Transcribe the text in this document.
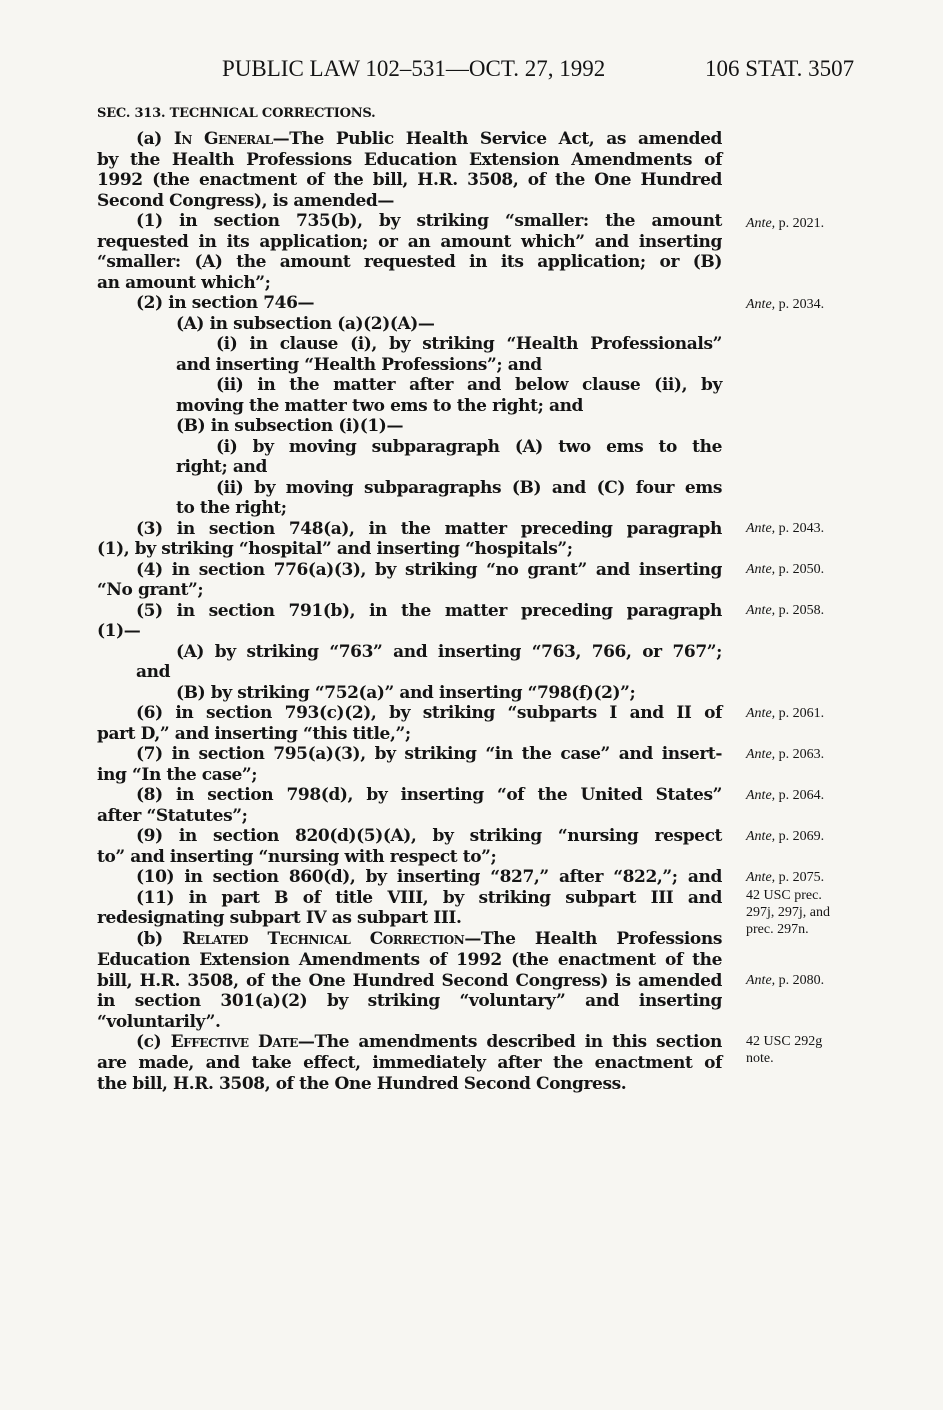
PUBLIC LAW 102–531—OCT. 27, 1992	106 STAT. 3507
SEC. 313. TECHNICAL CORRECTIONS.
(a) In General—The Public Health Service Act, as amended
by the Health Professions Education Extension Amendments of
1992 (the enactment of the bill, H.R. 3508, of the One Hundred
Second Congress), is amended—
(1) in section 735(b), by striking “smaller: the amount
requested in its application; or an amount which” and inserting
“smaller: (A) the amount requested in its application; or (B)
an amount which”;
(2) in section 746—
(A) in subsection (a)(2)(A)—
(i) in clause (i), by striking “Health Professionals”
and inserting “Health Professions”; and
(ii) in the matter after and below clause (ii), by
moving the matter two ems to the right; and
(B) in subsection (i)(1)—
(i) by moving subparagraph (A) two ems to the
right; and
(ii) by moving subparagraphs (B) and (C) four ems
to the right;
(3) in section 748(a), in the matter preceding paragraph
(1), by striking “hospital” and inserting “hospitals”;
(4) in section 776(a)(3), by striking “no grant” and inserting
“No grant”;
(5) in section 791(b), in the matter preceding paragraph
(1)—
(A) by striking “763” and inserting “763, 766, or 767”;
and
(B) by striking “752(a)” and inserting “798(f)(2)”;
(6) in section 793(c)(2), by striking “subparts I and II of
part D,” and inserting “this title,”;
(7) in section 795(a)(3), by striking “in the case” and insert-
ing “In the case”;
(8) in section 798(d), by inserting “of the United States”
after “Statutes”;
(9) in section 820(d)(5)(A), by striking “nursing respect
to” and inserting “nursing with respect to”;
(10) in section 860(d), by inserting “827,” after “822,”; and
(11) in part B of title VIII, by striking subpart III and
redesignating subpart IV as subpart III.
(b) Related Technical Correction—The Health Professions
Education Extension Amendments of 1992 (the enactment of the
bill, H.R. 3508, of the One Hundred Second Congress) is amended
in section 301(a)(2) by striking “voluntary” and inserting
“voluntarily”.
(c) Effective Date—The amendments described in this section
are made, and take effect, immediately after the enactment of
the bill, H.R. 3508, of the One Hundred Second Congress.
Ante, p. 2021.
Ante, p. 2034.
Ante, p. 2043.
Ante, p. 2050.
Ante, p. 2058.
Ante, p. 2061.
Ante, p. 2063.
Ante, p. 2064.
Ante, p. 2069.
Ante, p. 2075.
42 USC prec.
297j, 297j, and
prec. 297n.
Ante, p. 2080.
42 USC 292g
note.
